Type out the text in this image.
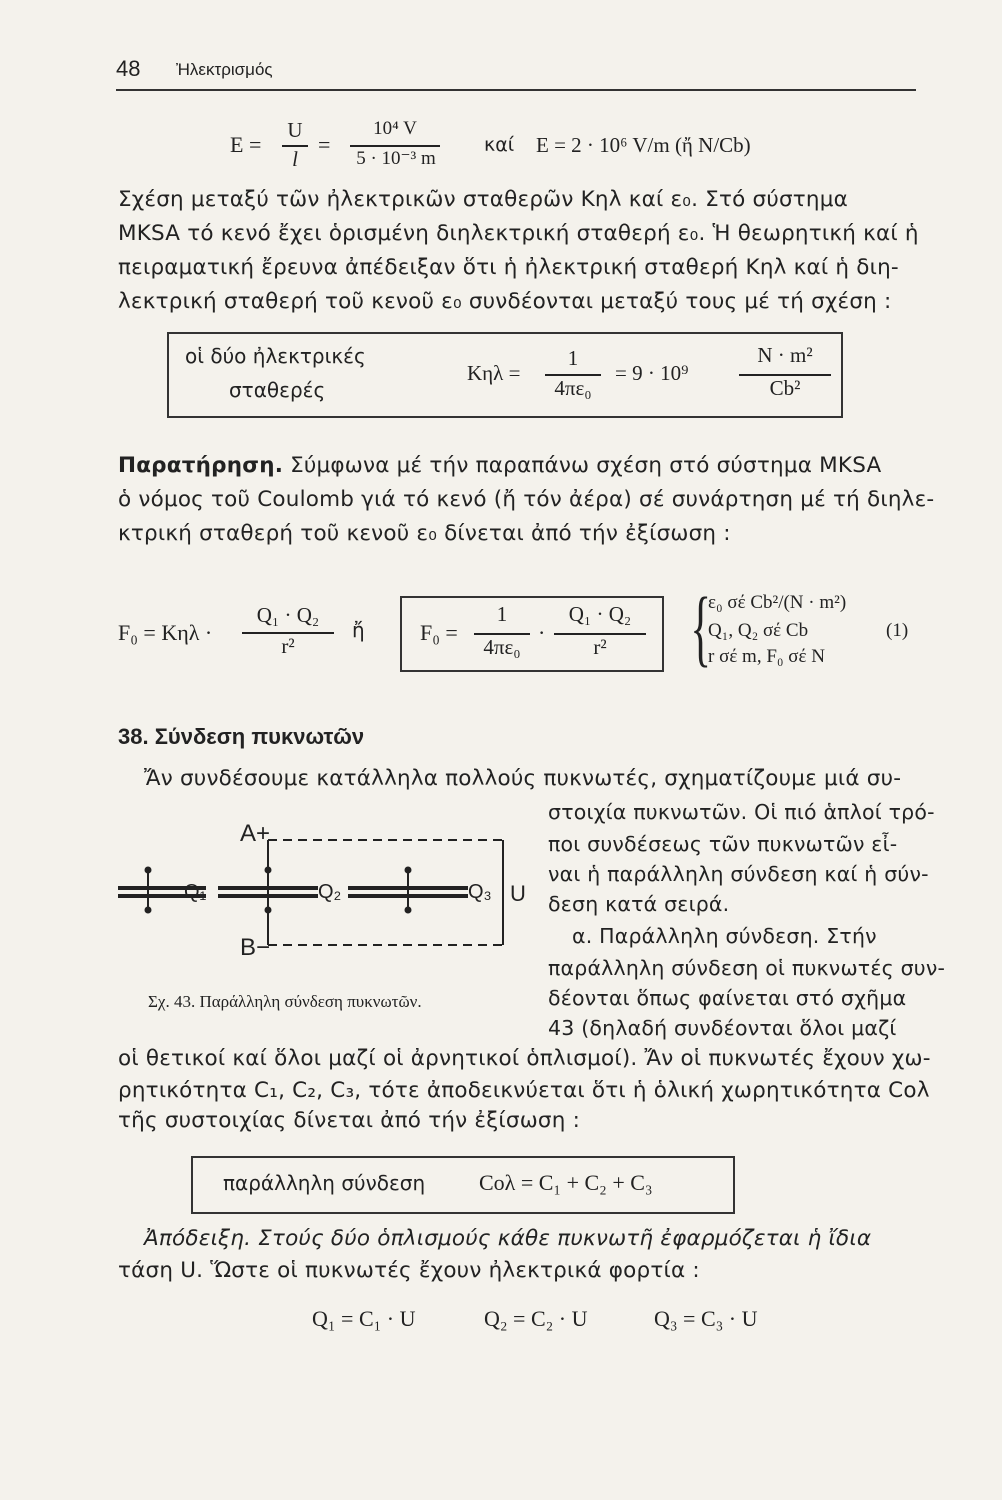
48 Ἠλεκτρισμός
E =
U
l
=
10⁴ V
5 · 10⁻³ m
καί E = 2 · 10⁶ V/m (ἤ N/Cb)
Σχέση μεταξύ τῶν ἠλεκτρικῶν σταθερῶν Kηλ καί ε₀. Στό σύστημα
MKSA τό κενό ἔχει ὁρισμένη διηλεκτρική σταθερή ε₀. Ἡ θεωρητική καί ἡ
πειραματική ἔρευνα ἀπέδειξαν ὅτι ἡ ἠλεκτρική σταθερή Kηλ καί ἡ διη-
λεκτρική σταθερή τοῦ κενοῦ ε₀ συνδέονται μεταξύ τους μέ τή σχέση :
οἱ δύο ἠλεκτρικές
σταθερές
Kηλ =
1
4πε₀
= 9 · 10⁹
N · m²
Cb²
Παρατήρηση. Σύμφωνα μέ τήν παραπάνω σχέση στό σύστημα MKSA
ὁ νόμος τοῦ Coulomb γιά τό κενό (ἤ τόν ἀέρα) σέ συνάρτηση μέ τή διηλε-
κτρική σταθερή τοῦ κενοῦ ε₀ δίνεται ἀπό τήν ἐξίσωση :
F₀ = Kηλ ·
Q₁ · Q₂
r²
ἤ	F₀ =
1
4πε₀
·
Q₁ · Q₂
r² {
ε₀ σέ Cb²/(N · m²)
Q₁, Q₂ σέ Cb
r σέ m, F₀ σέ N
(1)
38. Σύνδεση πυκνωτῶν
Ἄν συνδέσουμε κατάλληλα πολλούς πυκνωτές, σχηματίζουμε μιά συ-
στοιχία πυκνωτῶν. Οἱ πιό ἁπλοί τρό-
ποι συνδέσεως τῶν πυκνωτῶν εἶ-
ναι ἡ παράλληλη σύνδεση καί ἡ σύν-
δεση κατά σειρά.
α. Παράλληλη σύνδεση. Στήν
παράλληλη σύνδεση οἱ πυκνωτές συν-
δέονται ὅπως φαίνεται στό σχῆμα
43 (δηλαδή συνδέονται ὅλοι μαζί
A+
B−
Q₁	Q₂	Q₃ U
Σχ. 43. Παράλληλη σύνδεση πυκνωτῶν.
οἱ θετικοί καί ὅλοι μαζί οἱ ἀρνητικοί ὁπλισμοί). Ἄν οἱ πυκνωτές ἔχουν χω-
ρητικότητα C₁, C₂, C₃, τότε ἀποδεικνύεται ὅτι ἡ ὁλική χωρητικότητα Cολ
τῆς συστοιχίας δίνεται ἀπό τήν ἐξίσωση :
παράλληλη σύνδεση Cολ = C₁ + C₂ + C₃
Ἀπόδειξη. Στούς δύο ὁπλισμούς κάθε πυκνωτῆ ἐφαρμόζεται ἡ ἴδια
τάση U. Ὥστε οἱ πυκνωτές ἔχουν ἠλεκτρικά φορτία :
Q₁ = C₁ · U	Q₂ = C₂ · U	Q₃ = C₃ · U
